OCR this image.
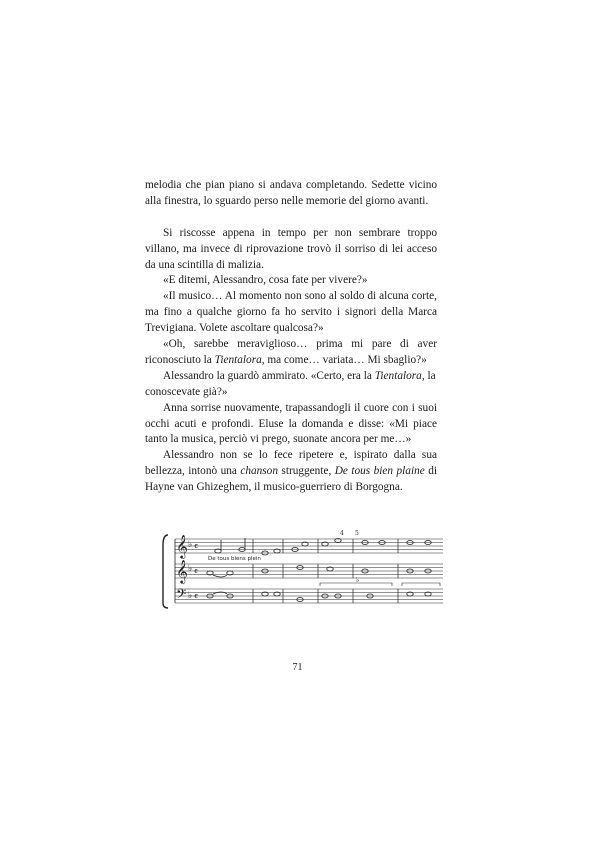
melodia che pian piano si andava completando. Sedette vicino alla finestra, lo sguardo perso nelle memorie del giorno avanti.

Si riscosse appena in tempo per non sembrare troppo villano, ma invece di riprovazione trovò il sorriso di lei acceso da una scintilla di malizia.

«E ditemi, Alessandro, cosa fate per vivere?»

«Il musico… Al momento non sono al soldo di alcuna corte, ma fino a qualche giorno fa ho servito i signori della Marca Trevigiana. Volete ascoltare qualcosa?»

«Oh, sarebbe meraviglioso… prima mi pare di aver riconosciuto la Tientalora, ma come… variata… Mi sbaglio?»

Alessandro la guardò ammirato. «Certo, era la Tientalora, la conoscevate già?»

Anna sorrise nuovamente, trapassandogli il cuore con i suoi occhi acuti e profondi. Eluse la domanda e disse: «Mi piace tanto la musica, perciò vi prego, suonate ancora per me…»

Alessandro non se lo fece ripetere e, ispirato dalla sua bellezza, intonò una chanson struggente, De tous bien plaine di Hayne van Ghizeghem, il musico-guerriero di Borgogna.

𝄞
𝄞
𝄢
♭ 𝄴
♭ 𝄴
♭ 𝄴
De tous biens plein
4 5
♭
71
